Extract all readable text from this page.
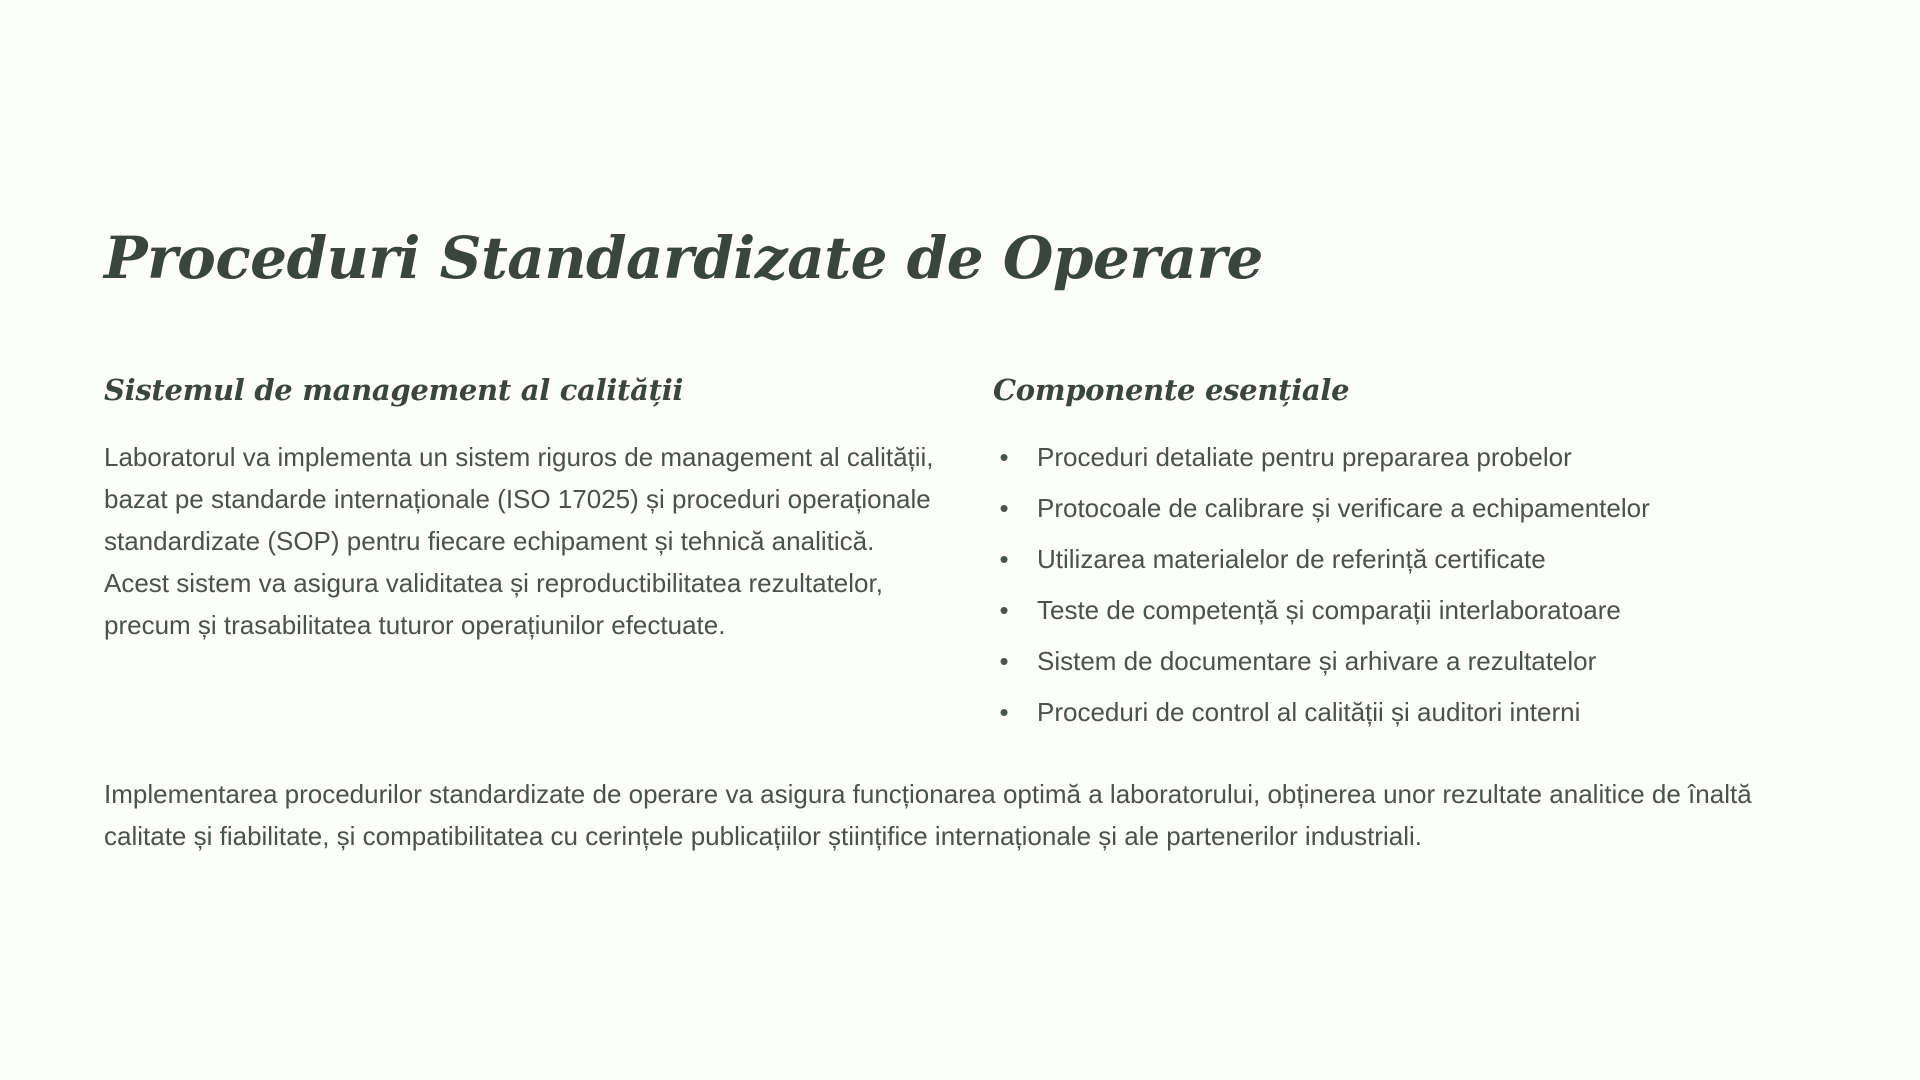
Proceduri Standardizate de Operare
Sistemul de management al calității

Laboratorul va implementa un sistem riguros de management al calității, bazat pe standarde internaționale (ISO 17025) și proceduri operaționale standardizate (SOP) pentru fiecare echipament și tehnică analitică. Acest sistem va asigura validitatea și reproductibilitatea rezultatelor, precum și trasabilitatea tuturor operațiunilor efectuate.

Componente esențiale
• Proceduri detaliate pentru prepararea probelor
• Protocoale de calibrare și verificare a echipamentelor
• Utilizarea materialelor de referință certificate
• Teste de competență și comparații interlaboratoare
• Sistem de documentare și arhivare a rezultatelor
• Proceduri de control al calității și auditori interni

Implementarea procedurilor standardizate de operare va asigura funcționarea optimă a laboratorului, obținerea unor rezultate analitice de înaltă calitate și fiabilitate, și compatibilitatea cu cerințele publicațiilor științifice internaționale și ale partenerilor industriali.
